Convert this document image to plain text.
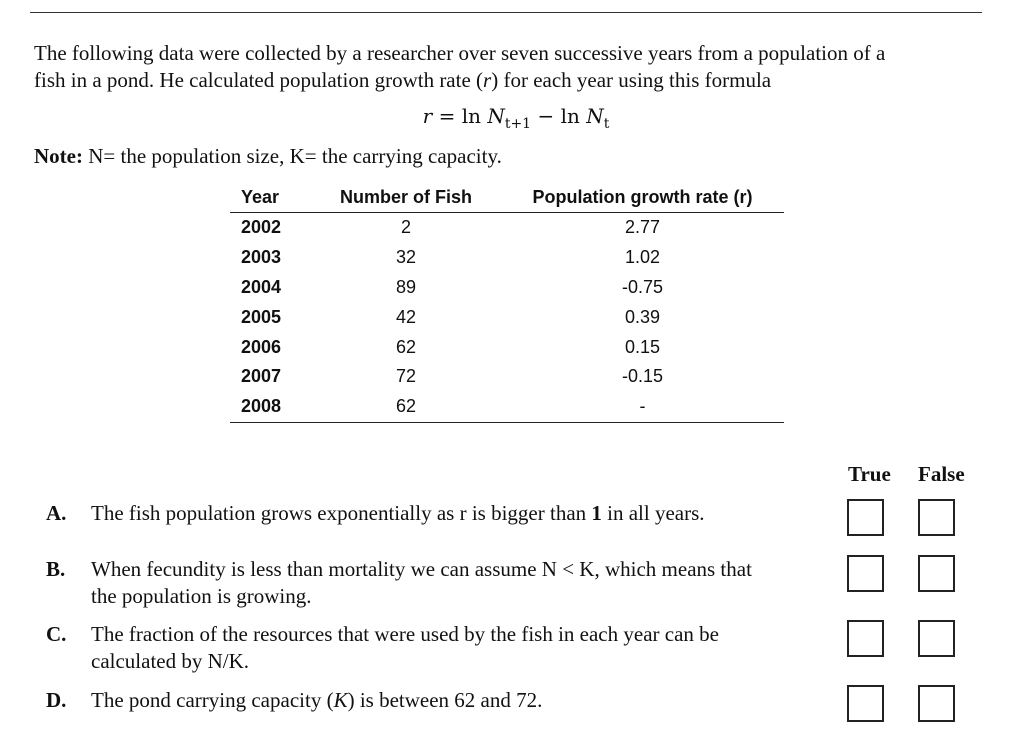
The following data were collected by a researcher over seven successive years from a population of a
fish in a pond. He calculated population growth rate (r) for each year using this formula
$r = \ln N_{t+1} - \ln N_t$
Note: N= the population size, K= the carrying capacity.
Year	Number of Fish	Population growth rate (r)
2002	2	2.77
2003	32	1.02
2004	89	-0.75
2005	42	0.39
2006	62	0.15
2007	72	-0.15
2008	62	-
True False
A. The fish population grows exponentially as r is bigger than 1 in all years.
B. When fecundity is less than mortality we can assume N < K, which means that
the population is growing.
C. The fraction of the resources that were used by the fish in each year can be
calculated by N/K.
D. The pond carrying capacity (K) is between 62 and 72.
